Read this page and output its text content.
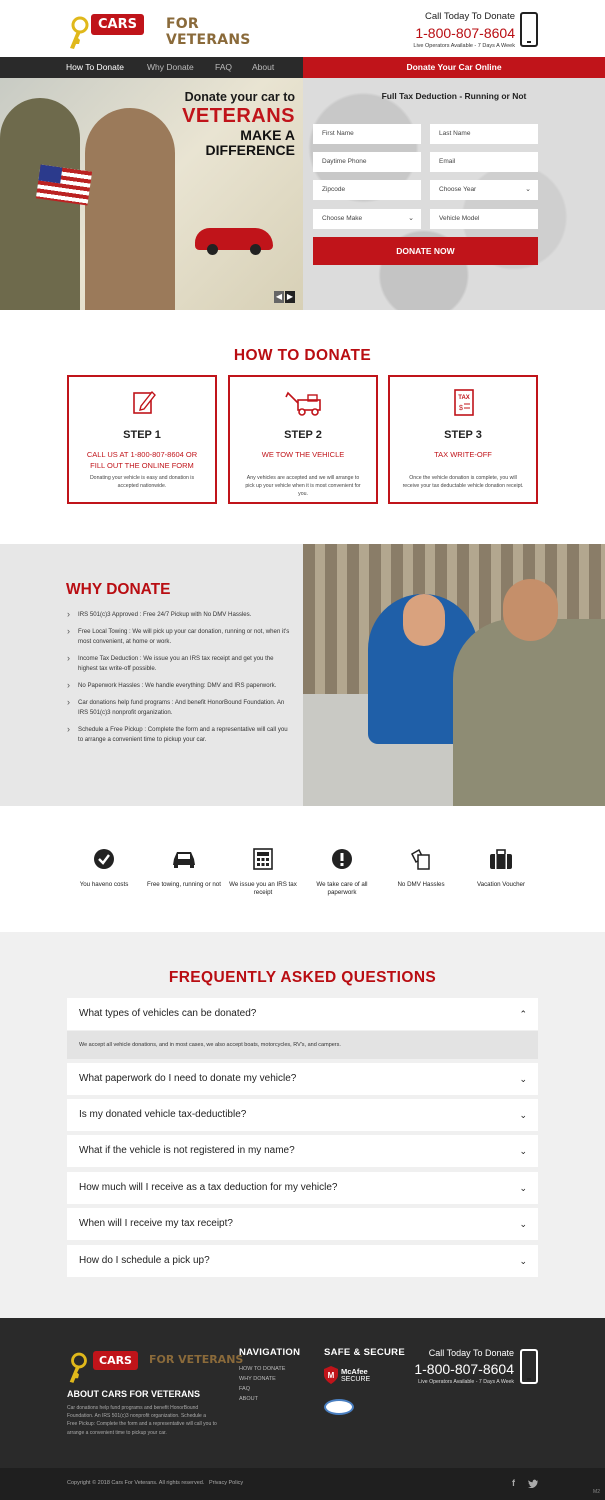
CARS	FOR VETERANS
Call Today To Donate
1-800-807-8604
Live Operators Available - 7 Days A Week
How To Donate	Why Donate FAQ About	Donate Your Car Online
Donate your car to
VETERANS
MAKE A
DIFFERENCE
◀ ▶
Full Tax Deduction - Running or Not
First Name	Last Name
Daytime Phone	Email
Zipcode	Choose Year	⌄
Choose Make	⌄	Vehicle Model
DONATE NOW
HOW TO DONATE
STEP 1
CALL US AT 1-800-807-8604 OR FILL OUT THE ONLINE FORM
Donating your vehicle is easy and donation is accepted nationwide.
STEP 2
WE TOW THE VEHICLE
Any vehicles are accepted and we will arrange to pick up your vehicle when it is most convenient for you.
TAX
$
STEP 3
TAX WRITE-OFF
Once the vehicle donation is complete, you will receive your tax deductable vehicle donation receipt.
WHY DONATE
› IRS 501(c)3 Approved : Free 24/7 Pickup with No DMV Hassles.
› Free Local Towing : We will pick up your car donation, running or not, when it's most convenient, at home or work.
› Income Tax Deduction : We issue you an IRS tax receipt and get you the highest tax write-off possible.
› No Paperwork Hassles : We handle everything: DMV and IRS paperwork.
› Car donations help fund programs : And benefit HonorBound Foundation. An IRS 501(c)3 nonprofit organization.
› Schedule a Free Pickup : Complete the form and a representative will call you to arrange a convenient time to pickup your car.
You haveno costs	Free towing, running or not	We issue you an IRS tax receipt
We take care of all paperwork
No DMV Hassles	Vacation Voucher
FREQUENTLY ASKED QUESTIONS
What types of vehicles can be donated?	⌃
We accept all vehicle donations, and in most cases, we also accept boats, motorcycles, RV's, and campers.
What paperwork do I need to donate my vehicle?	⌄
Is my donated vehicle tax-deductible?	⌄
What if the vehicle is not registered in my name?	⌄
How much will I receive as a tax deduction for my vehicle?	⌄
When will I receive my tax receipt?	⌄
How do I schedule a pick up?	⌄
CARS	FOR VETERANS
ABOUT CARS FOR VETERANS
Car donations help fund programs and benefit HonorBound Foundation. An IRS 501(c)3 nonprofit organization. Schedule a Free Pickup: Complete the form and a representative will call you to arrange a convenient time to pickup your car.
NAVIGATION
HOW TO DONATE
WHY DONATE
FAQ
ABOUT
SAFE & SECURE
M McAfee
SECURE
Call Today To Donate
1-800-807-8604
Live Operators Available - 7 Days A Week
Copyright © 2018 Cars For Veterans. All rights reserved. Privacy Policy	f
M2
